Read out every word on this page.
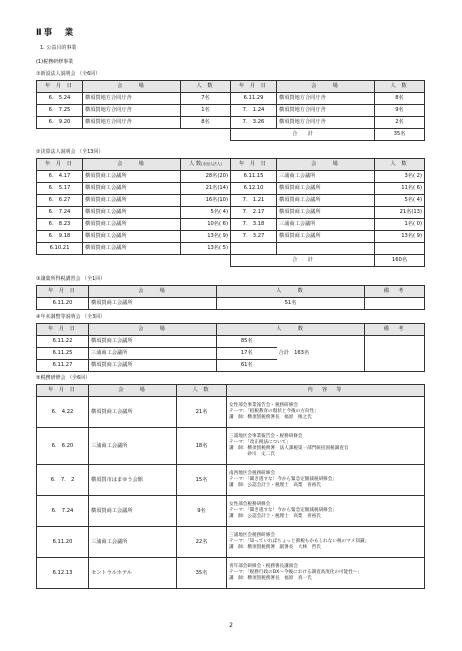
Ⅱ事　業
1. 公益目的事業
(1)税務研修事業
①新設法人説明会 （全6回）
年 月 日	会　　場	人 数	年 月 日	会　　場	人 数
6.　5.24	横須賀地方合同庁舎	7名	6.11.29	横須賀地方合同庁舎	8名
6.　7.25	横須賀地方合同庁舎	1名	7.　1.24	横須賀地方合同庁舎	9名
6.　9.20	横須賀地方合同庁舎	8名	7.　3.26	横須賀地方合同庁舎	2名
			合　　計		35名
②決算法人説明会 （全13回）
年 月 日	会　　場	人 数(未加入法人)	年 月 日	会　　場	人 数
6.　4.17	横須賀商工会議所	28名(20)	6.11.15	三浦商工会議所	3名( 2)
6.　5.17	横須賀商工会議所	21名(14)	6.12.10	横須賀商工会議所	11名( 6)
6.　6.27	横須賀商工会議所	16名(10)	7.　1.21	横須賀商工会議所	5名( 4)
6.　7.24	横須賀商工会議所	5名( 4)	7.　2.17	横須賀商工会議所	21名(13)
6.　8.23	横須賀商工会議所	10名( 6)	7.　3.18	三浦商工会議所	1名( 0)
6.　9.18	横須賀商工会議所	13名( 9)	7.　3.27	横須賀商工会議所	13名( 9)
6.10.21	横須賀商工会議所	13名( 5)			
			合　　計		160名
③譲葉所得税講習会 （全1回）
年 月 日	会　　場	人　　数	備　考
6.11.20	横須賀商工会議所	51名	
④年末調整等説明会 （全3回）
年 月 日	会　　場	人　　数		備　考
6.11.22	横須賀商工会議所	85名	合計　163名	
6.11.25	三浦商工会議所	17名		
6.11.27	横須賀商工会議所	61名		
⑤税務研修会 （全6回）
年 月 日	会　　場	人 数	内　容　等
6.　4.22	横須賀商工会議所	21名	女性部会事業報告会・税務研修会
テーマ：「租税教育の現状と今後の方向性」
講　師：横須賀税務署長　福原　俊之氏

6.　6.20	三浦商工会議所	18名	三浦地区会事業報告会・税務研修会
テーマ：「改正税法について」
講　師：横須賀税務署　法人課税第一部門統括国税調査官
　　　　砂川　丈二氏

6.　7.　2	横須賀市はまゆう会館	15名	南西地区会税務研修会
テーマ：「聞き逃すな！今から緊急定額減税研修会」
講　師：公認会計士・税理士　高梨　喜裕氏

6.　7.24	横須賀商工会議所	9名	女性部会税務研修会
テーマ：「聞き逃すな！今から緊急定額減税研修会」
講　師：公認会計士・税理士　高梨　喜裕氏

6.11.20	三浦商工会議所	22名	三浦地区会税務研修会
テーマ：「知っていればちょっと節税もかもしれない税のマメ知識」
講　師：横須賀税務署　副署長　大林　哲氏

6.12.13	セントラルホテル	35名	青年部会研修会・税務署長講演会
テーマ：「税務行政のDX～今後における調査高度化の可能性～」
講　師：横須賀税務署長　福原　真一氏
2
